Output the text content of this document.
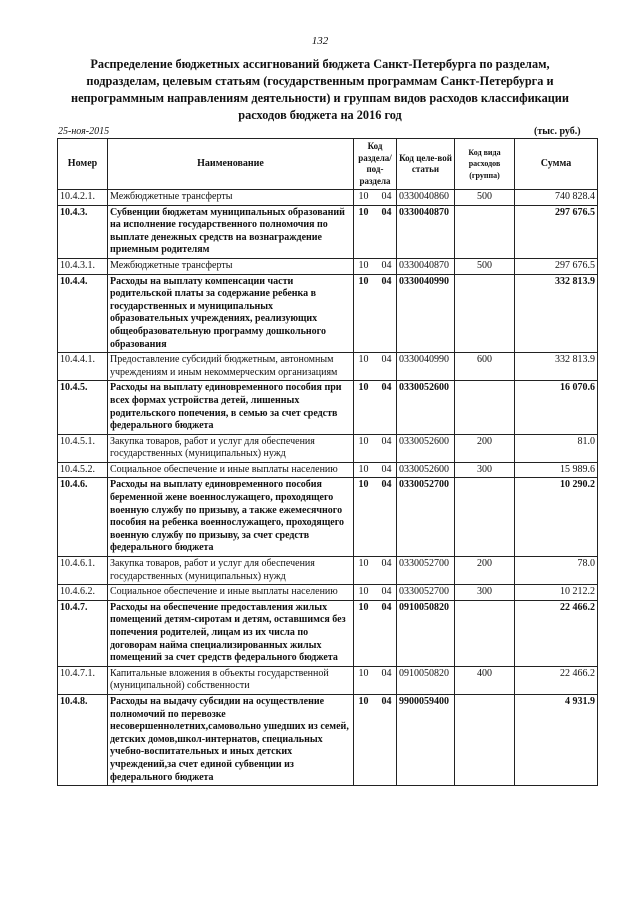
132
Распределение бюджетных ассигнований бюджета Санкт-Петербурга по разделам,
подразделам, целевым статьям (государственным программам Санкт-Петербурга и
непрограммным направлениям деятельности) и группам видов расходов классификации
расходов бюджета на 2016 год
25-ноя-2015	(тыс. руб.)
Номер	Наименование	Код раздела/ под-раздела	Код целе-вой статьи	Код вида расходов (группа)	Сумма
10.4.2.1.	Межбюджетные трансферты	10 04	0330040860	500	740 828.4
10.4.3.	Субвенции бюджетам муниципальных образований на исполнение государственного полномочия по выплате денежных средств на вознаграждение приемным родителям	10 04	0330040870		297 676.5
10.4.3.1.	Межбюджетные трансферты	10 04	0330040870	500	297 676.5
10.4.4.	Расходы на выплату компенсации части родительской платы за содержание ребенка в государственных и муниципальных образовательных учреждениях, реализующих общеобразовательную программу дошкольного образования	10 04	0330040990		332 813.9
10.4.4.1.	Предоставление субсидий бюджетным, автономным учреждениям и иным некоммерческим организациям	10 04	0330040990	600	332 813.9
10.4.5.	Расходы на выплату единовременного пособия при всех формах устройства детей, лишенных родительского попечения, в семью за счет средств федерального бюджета	10 04	0330052600		16 070.6
10.4.5.1.	Закупка товаров, работ и услуг для обеспечения государственных (муниципальных) нужд	10 04	0330052600	200	81.0
10.4.5.2.	Социальное обеспечение и иные выплаты населению	10 04	0330052600	300	15 989.6
10.4.6.	Расходы на выплату единовременного пособия беременной жене военнослужащего, проходящего военную службу по призыву, а также ежемесячного пособия на ребенка военнослужащего, проходящего военную службу по призыву, за счет средств федерального бюджета	10 04	0330052700		10 290.2
10.4.6.1.	Закупка товаров, работ и услуг для обеспечения государственных (муниципальных) нужд	10 04	0330052700	200	78.0
10.4.6.2.	Социальное обеспечение и иные выплаты населению	10 04	0330052700	300	10 212.2
10.4.7.	Расходы на обеспечение предоставления жилых помещений детям-сиротам и детям, оставшимся без попечения родителей, лицам из их числа по договорам найма специализированных жилых помещений за счет средств федерального бюджета	10 04	0910050820		22 466.2
10.4.7.1.	Капитальные вложения в объекты государственной (муниципальной) собственности	10 04	0910050820	400	22 466.2
10.4.8.	Расходы на выдачу субсидии на осуществление полномочий по перевозке несовершеннолетних,самовольно ушедших из семей, детских домов,школ-интернатов, специальных учебно-воспитательных и иных детских учреждений,за счет единой субвенции из федерального бюджета	10 04	9900059400		4 931.9
